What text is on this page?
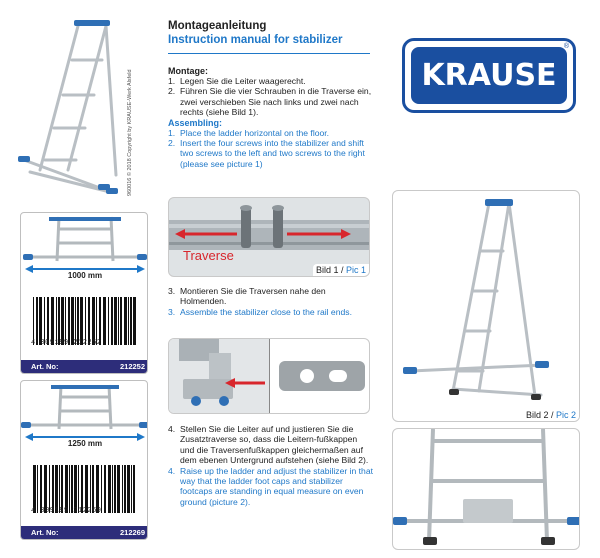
960016 © 2018 Copyright by KRAUSE-Werk Alsfeld
Montageanleitung
Instruction manual for stabilizer
KRAUSE
®
Montage:
1. Legen Sie die Leiter waagerecht.
2. Führen Sie die vier Schrauben in die Traverse ein, zwei verschieben Sie nach links und zwei nach rechts (siehe Bild 1).
Assembling:
1. Place the ladder horizontal on the floor.
2. Insert the four screws into the stabilizer and shift two screws to the left and two screws to the right (please see picture 1)
Traverse
Bild 1 / Pic 1
3. Montieren Sie die Traversen nahe den Holmenden.
3. Assemble the stabilizer close to the rail ends.
4. Stellen Sie die Leiter auf und justieren Sie die Zusatztraverse so, dass die Leitern-fußkappen und die Traversenfußkappen gleichermaßen auf dem ebenen Untergrund aufstehen (siehe Bild 2).
4. Raise up the ladder and adjust the stabilizer in that way that the ladder foot caps and stabilizer footcaps are standing in equal measure on even ground (picture 2).
Bild 2 / Pic 2
1000 mm
4 009199 212252
Art. No:	212252
1250 mm
4 009199 212269
Art. No:	212269
